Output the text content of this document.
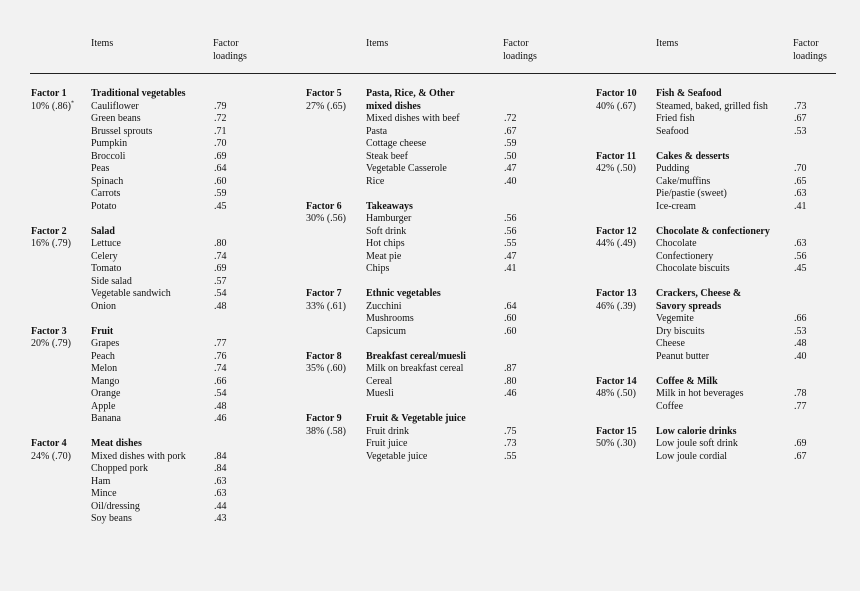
Items	Factor
loadings
Items	Factor
loadings
Items	Factor
loadings
Factor 1
10% (.86)*
Traditional vegetables
Cauliflower	.79
Green beans	.72
Brussel sprouts	.71
Pumpkin	.70
Broccoli	.69
Peas	.64
Spinach	.60
Carrots	.59
Potato	.45
Factor 2
16% (.79)
Salad
Lettuce	.80
Celery	.74
Tomato	.69
Side salad	.57
Vegetable sandwich	.54
Onion	.48
Factor 3
20% (.79)
Fruit
Grapes	.77
Peach	.76
Melon	.74
Mango	.66
Orange	.54
Apple	.48
Banana	.46
Factor 4
24% (.70)
Meat dishes
Mixed dishes with pork	.84
Chopped pork	.84
Ham	.63
Mince	.63
Oil/dressing	.44
Soy beans	.43
Factor 5
27% (.65)
Pasta, Rice, & Other
mixed dishes
Mixed dishes with beef	.72
Pasta	.67
Cottage cheese	.59
Steak beef	.50
Vegetable Casserole	.47
Rice	.40
Factor 6
30% (.56)
Takeaways
Hamburger	.56
Soft drink	.56
Hot chips	.55
Meat pie	.47
Chips	.41
Factor 7
33% (.61)
Ethnic vegetables
Zucchini	.64
Mushrooms	.60
Capsicum	.60
Factor 8
35% (.60)
Breakfast cereal/muesli
Milk on breakfast cereal	.87
Cereal	.80
Muesli	.46
Factor 9
38% (.58)
Fruit & Vegetable juice
Fruit drink	.75
Fruit juice	.73
Vegetable juice	.55
Factor 10
40% (.67)
Fish & Seafood
Steamed, baked, grilled fish	.73
Fried fish	.67
Seafood	.53
Factor 11
42% (.50)
Cakes & desserts
Pudding	.70
Cake/muffins	.65
Pie/pastie (sweet)	.63
Ice-cream	.41
Factor 12
44% (.49)
Chocolate & confectionery
Chocolate	.63
Confectionery	.56
Chocolate biscuits	.45
Factor 13
46% (.39)
Crackers, Cheese &
Savory spreads
Vegemite	.66
Dry biscuits	.53
Cheese	.48
Peanut butter	.40
Factor 14
48% (.50)
Coffee & Milk
Milk in hot beverages	.78
Coffee	.77
Factor 15
50% (.30)
Low calorie drinks
Low joule soft drink	.69
Low joule cordial	.67
